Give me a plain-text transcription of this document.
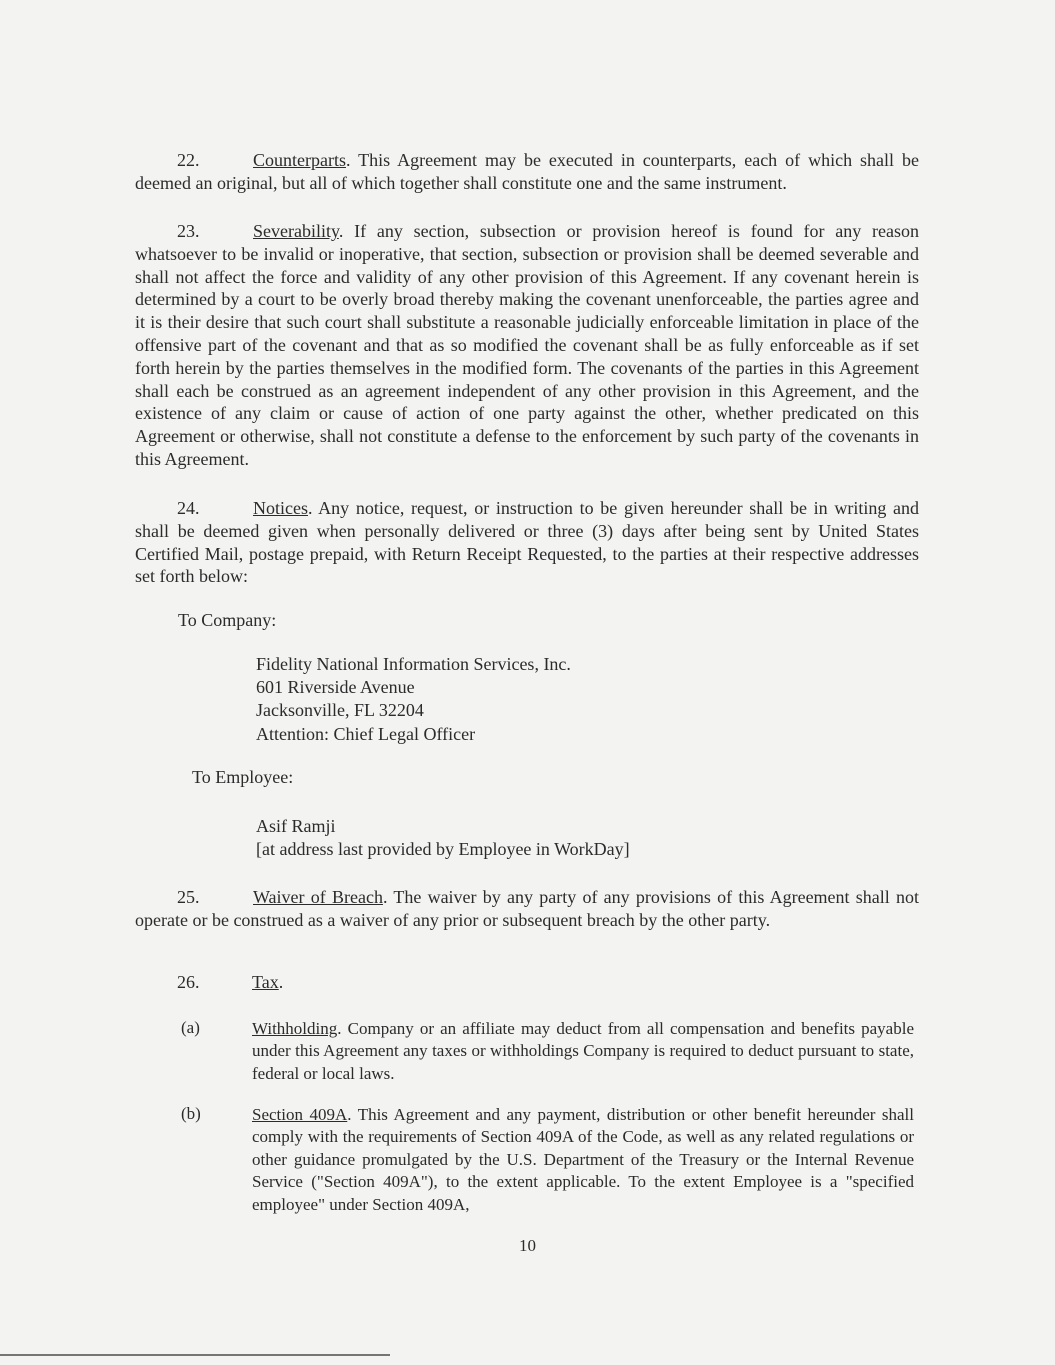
22.	Counterparts. This Agreement may be executed in counterparts, each of which shall be deemed an original, but all of which together shall constitute one and the same instrument.

23.	Severability. If any section, subsection or provision hereof is found for any reason whatsoever to be invalid or inoperative, that section, subsection or provision shall be deemed severable and shall not affect the force and validity of any other provision of this Agreement. If any covenant herein is determined by a court to be overly broad thereby making the covenant unenforceable, the parties agree and it is their desire that such court shall substitute a reasonable judicially enforceable limitation in place of the offensive part of the covenant and that as so modified the covenant shall be as fully enforceable as if set forth herein by the parties themselves in the modified form. The covenants of the parties in this Agreement shall each be construed as an agreement independent of any other provision in this Agreement, and the existence of any claim or cause of action of one party against the other, whether predicated on this Agreement or otherwise, shall not constitute a defense to the enforcement by such party of the covenants in this Agreement.

24.	Notices. Any notice, request, or instruction to be given hereunder shall be in writing and shall be deemed given when personally delivered or three (3) days after being sent by United States Certified Mail, postage prepaid, with Return Receipt Requested, to the parties at their respective addresses set forth below:

To Company:
Fidelity National Information Services, Inc.
601 Riverside Avenue
Jacksonville, FL 32204
Attention: Chief Legal Officer
To Employee:
Asif Ramji
[at address last provided by Employee in WorkDay]

25.	Waiver of Breach. The waiver by any party of any provisions of this Agreement shall not operate or be construed as a waiver of any prior or subsequent breach by the other party.

26.	Tax.
(a)	Withholding. Company or an affiliate may deduct from all compensation and benefits payable under this Agreement any taxes or withholdings Company is required to deduct pursuant to state, federal or local laws.

(b)	Section 409A. This Agreement and any payment, distribution or other benefit hereunder shall comply with the requirements of Section 409A of the Code, as well as any related regulations or other guidance promulgated by the U.S. Department of the Treasury or the Internal Revenue Service ("Section 409A"), to the extent applicable. To the extent Employee is a "specified employee" under Section 409A,

10
